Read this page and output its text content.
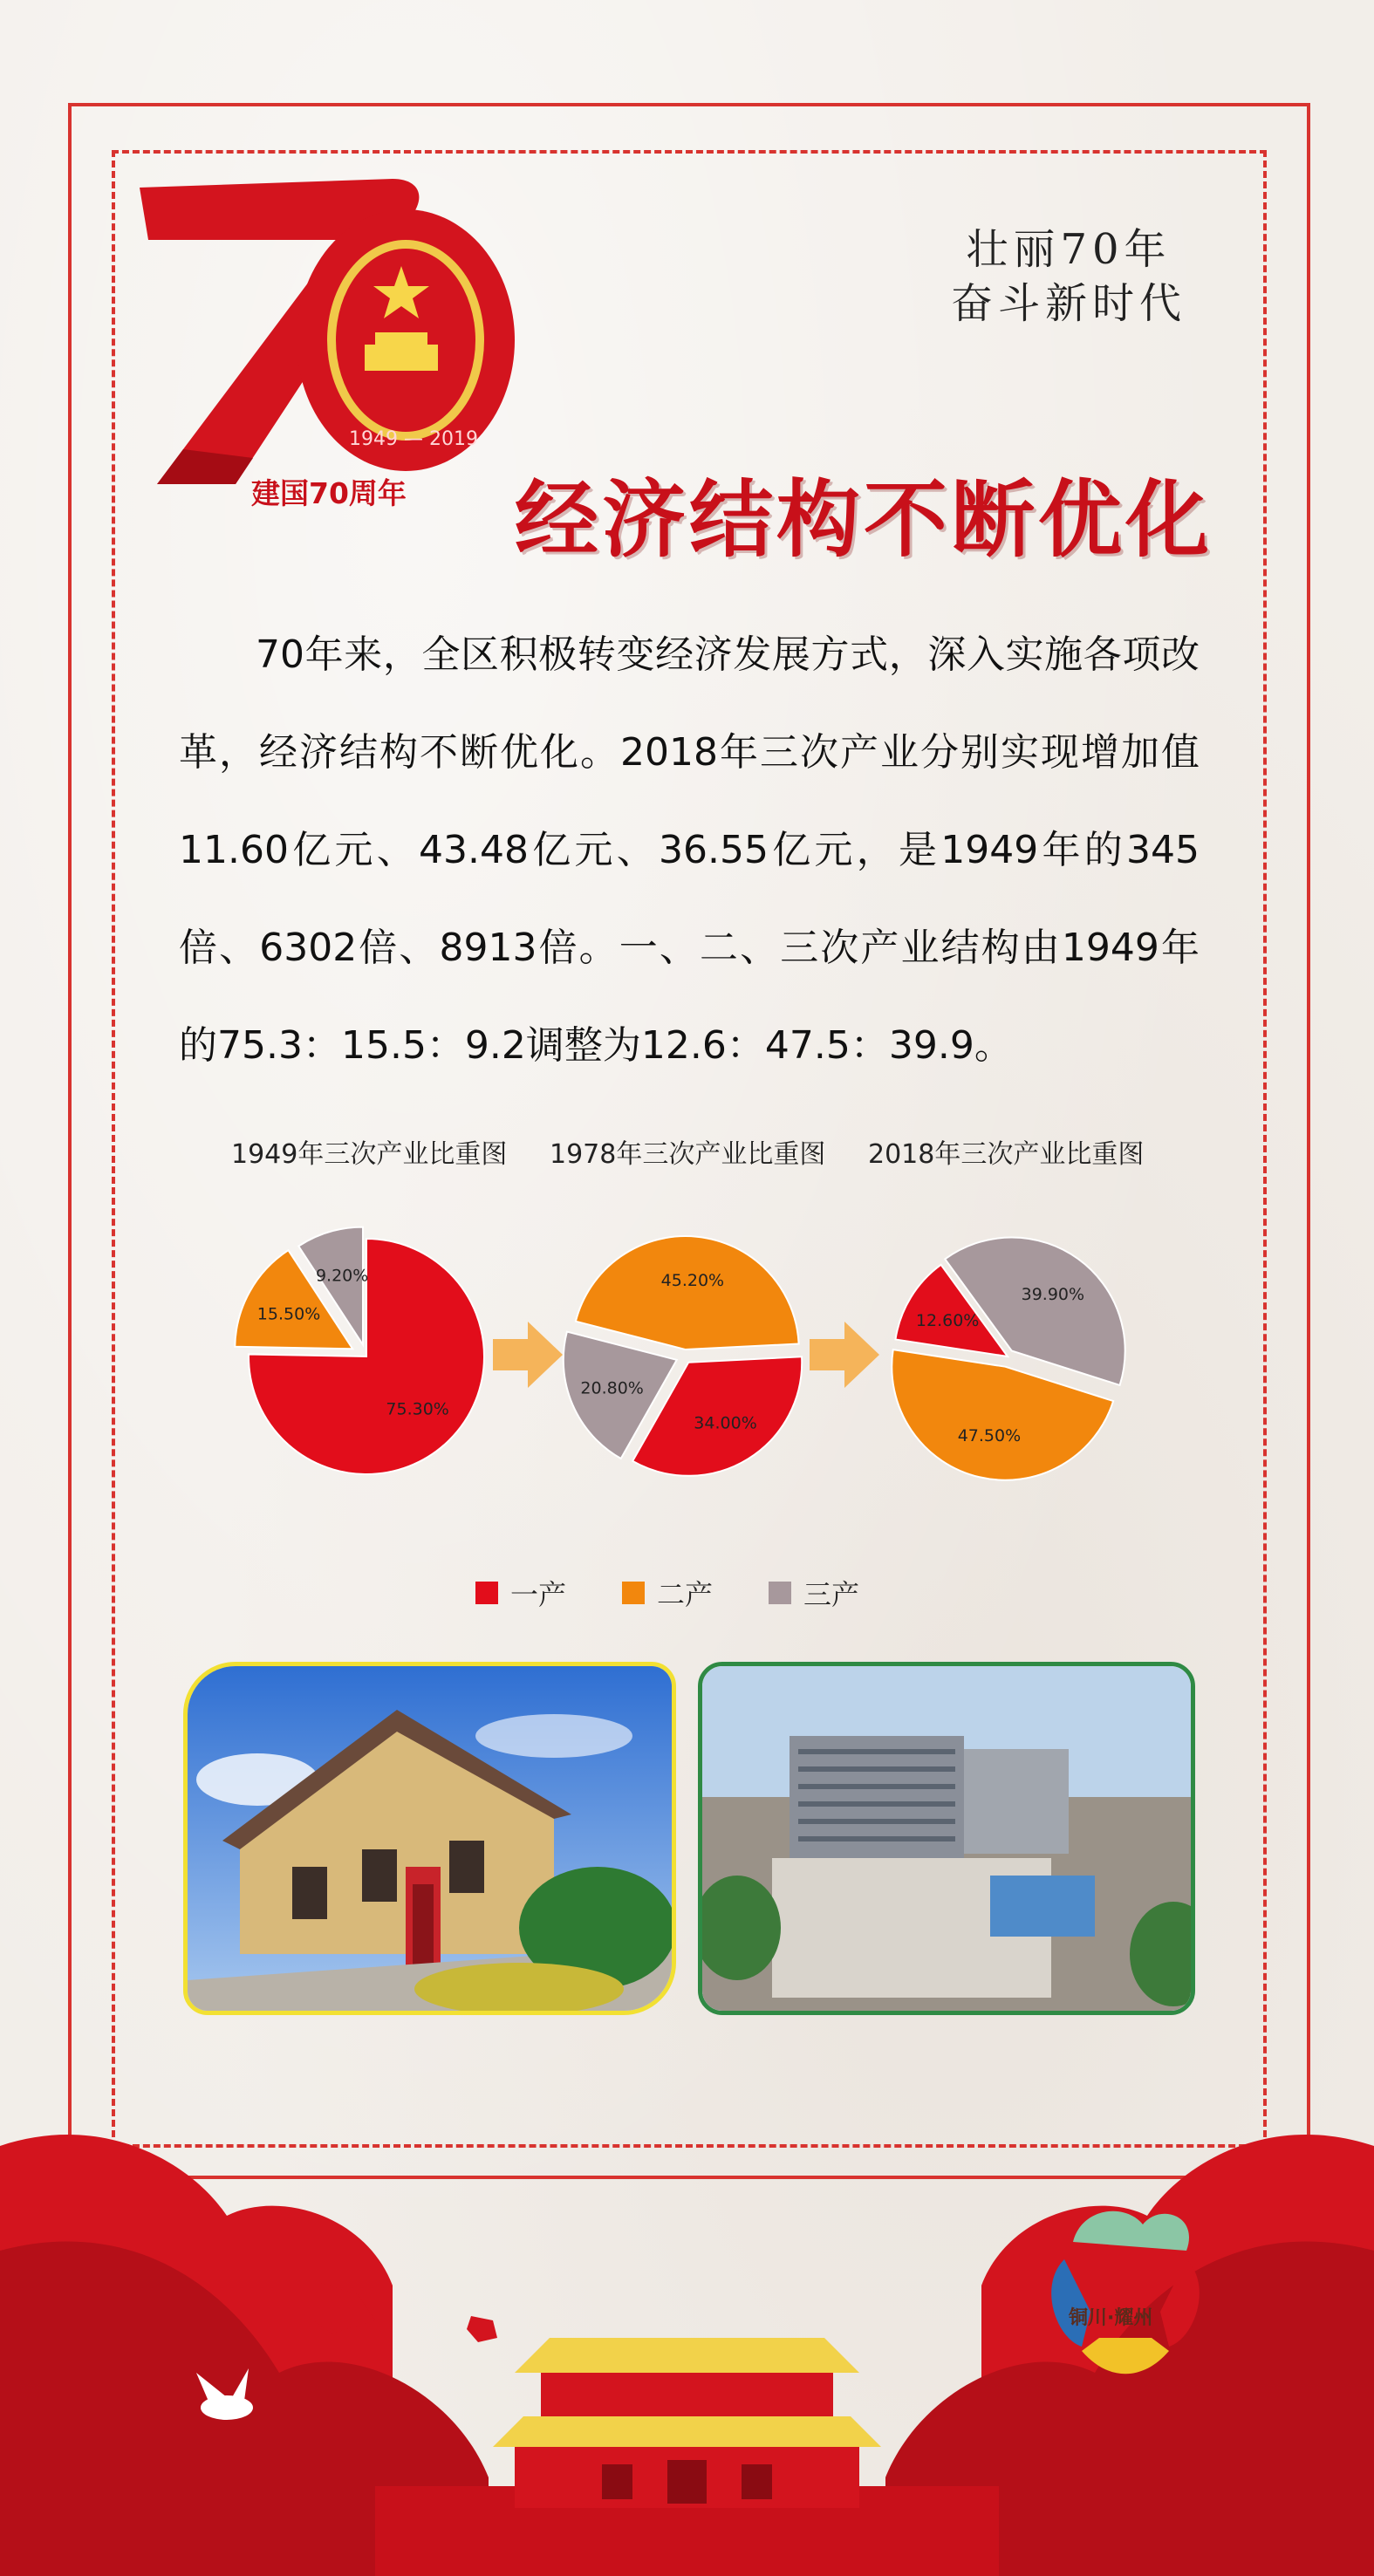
1949 — 2019
建国70周年
壮丽70年
奋斗新时代
经济结构不断优化
70年来，全区积极转变经济发展方式，深入实施各项改革，经济结构不断优化。2018年三次产业分别实现增加值11.60亿元、43.48亿元、36.55亿元，是1949年的345倍、6302倍、8913倍。一、二、三次产业结构由1949年的75.3：15.5：9.2调整为12.6：47.5：39.9。
1949年三次产业比重图 1978年三次产业比重图 2018年三次产业比重图
75.30%
15.50%
9.20%	45.20%
34.00%
20.80%
39.90%
47.50%
12.60%
一产	二产	三产
铜川·耀州
